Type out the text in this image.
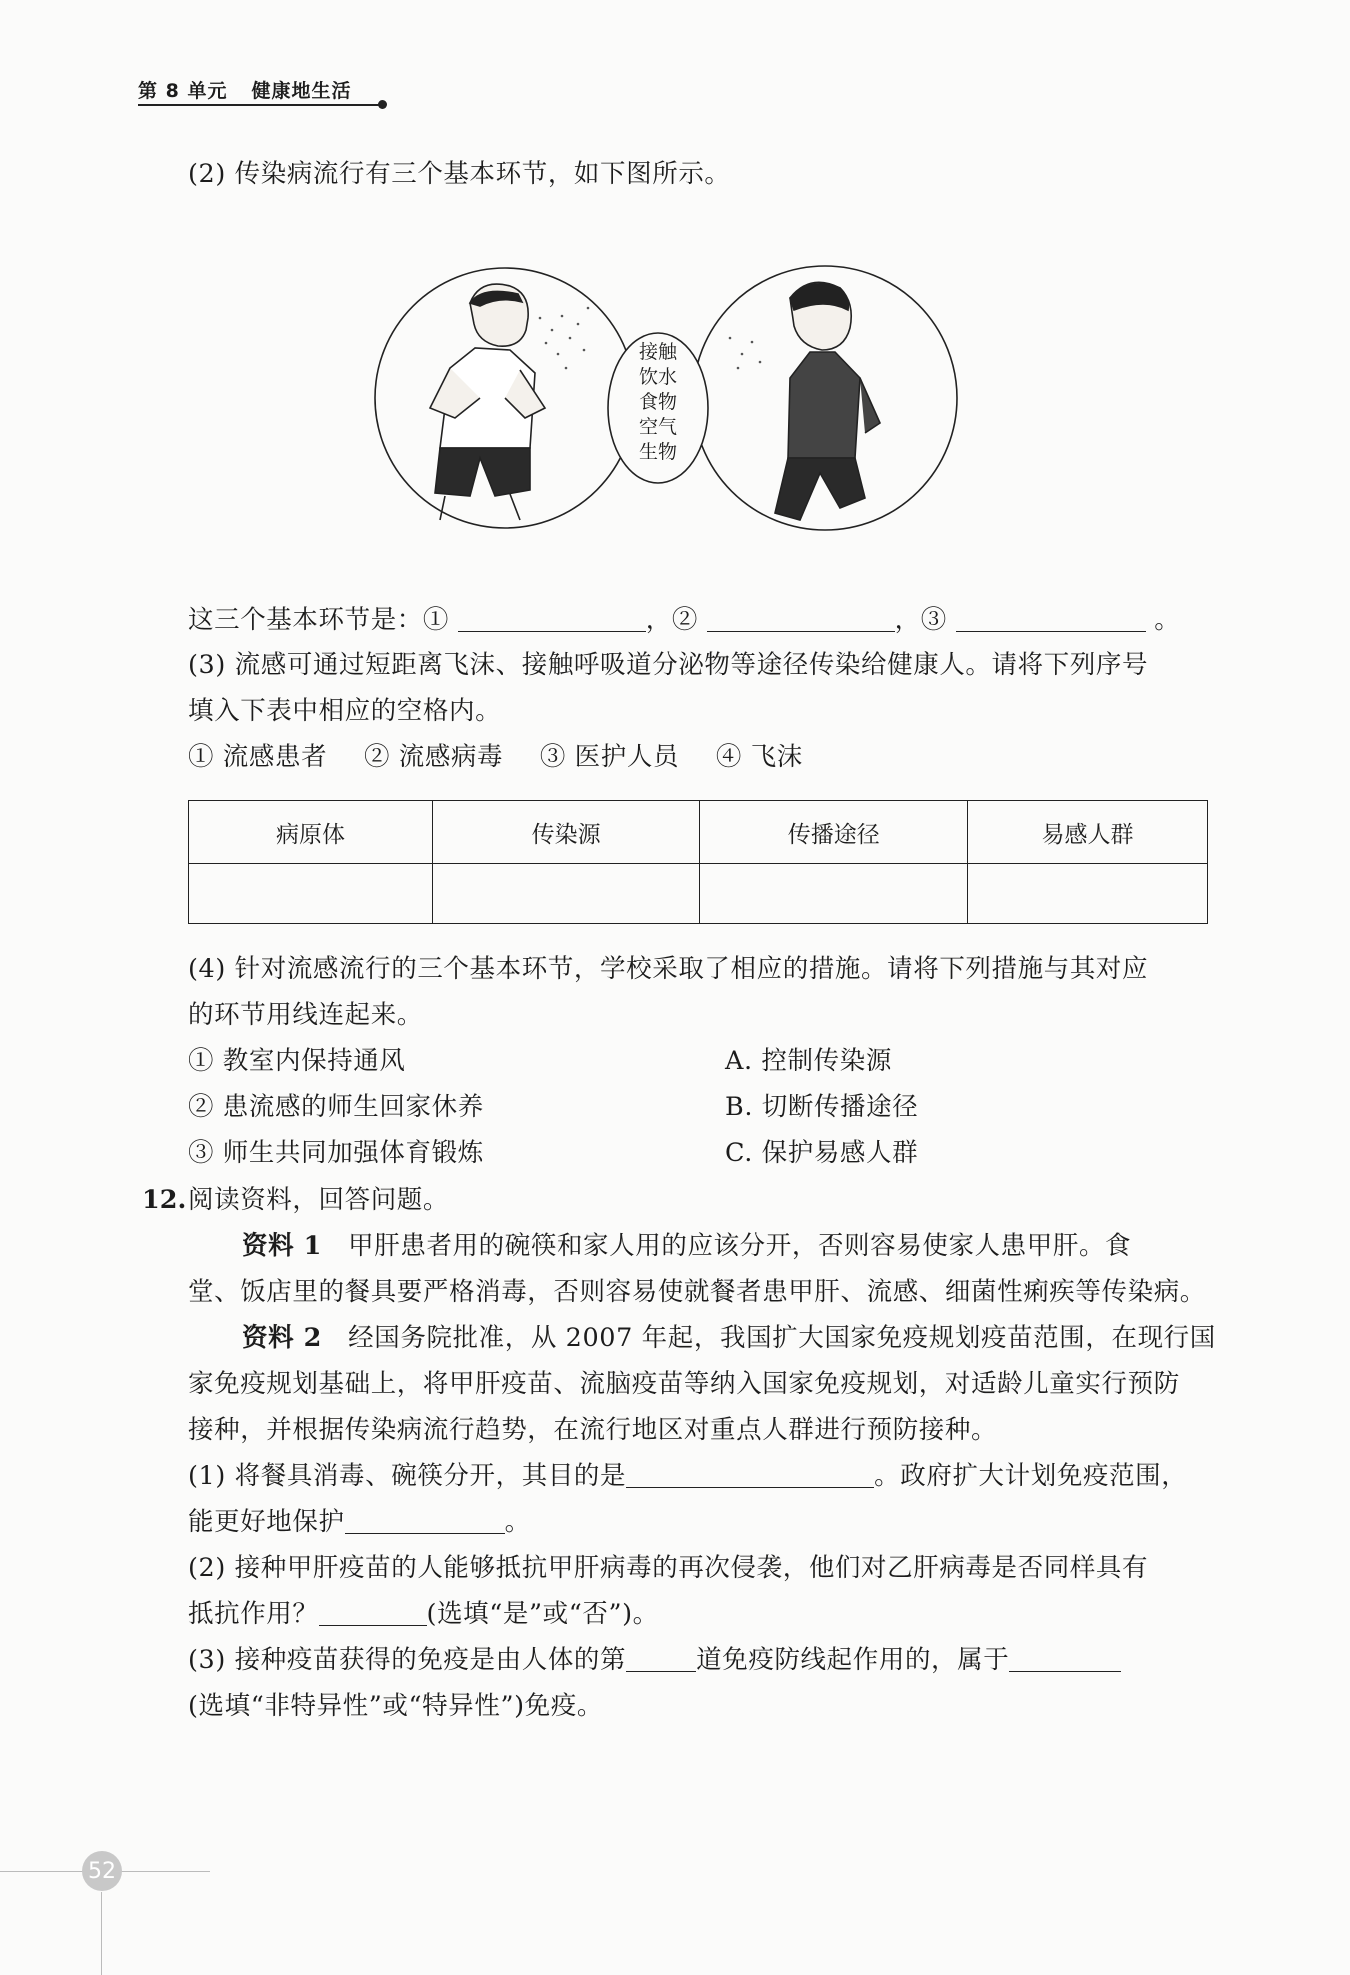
第 8 单元 健康地生活
(2) 传染病流行有三个基本环节，如下图所示。
接触
饮水
食物
空气
生物
这三个基本环节是：①	，②	，③	。
(3) 流感可通过短距离飞沫、接触呼吸道分泌物等途径传染给健康人。请将下列序号
填入下表中相应的空格内。
① 流感患者 ② 流感病毒 ③ 医护人员 ④ 飞沫
病原体	传染源	传播途径	易感人群

(4) 针对流感流行的三个基本环节，学校采取了相应的措施。请将下列措施与其对应
的环节用线连起来。
① 教室内保持通风
② 患流感的师生回家休养
③ 师生共同加强体育锻炼
A. 控制传染源
B. 切断传播途径
C. 保护易感人群
12. 阅读资料，回答问题。
资料 1 甲肝患者用的碗筷和家人用的应该分开，否则容易使家人患甲肝。食
堂、饭店里的餐具要严格消毒，否则容易使就餐者患甲肝、流感、细菌性痢疾等传染病。
资料 2 经国务院批准，从 2007 年起，我国扩大国家免疫规划疫苗范围，在现行国
家免疫规划基础上，将甲肝疫苗、流脑疫苗等纳入国家免疫规划，对适龄儿童实行预防
接种，并根据传染病流行趋势，在流行地区对重点人群进行预防接种。
(1) 将餐具消毒、碗筷分开，其目的是	。政府扩大计划免疫范围，
能更好地保护	。
(2) 接种甲肝疫苗的人能够抵抗甲肝病毒的再次侵袭，他们对乙肝病毒是否同样具有
抵抗作用？	(选填“是”或“否”)。
(3) 接种疫苗获得的免疫是由人体的第	道免疫防线起作用的，属于
(选填“非特异性”或“特异性”)免疫。
52
